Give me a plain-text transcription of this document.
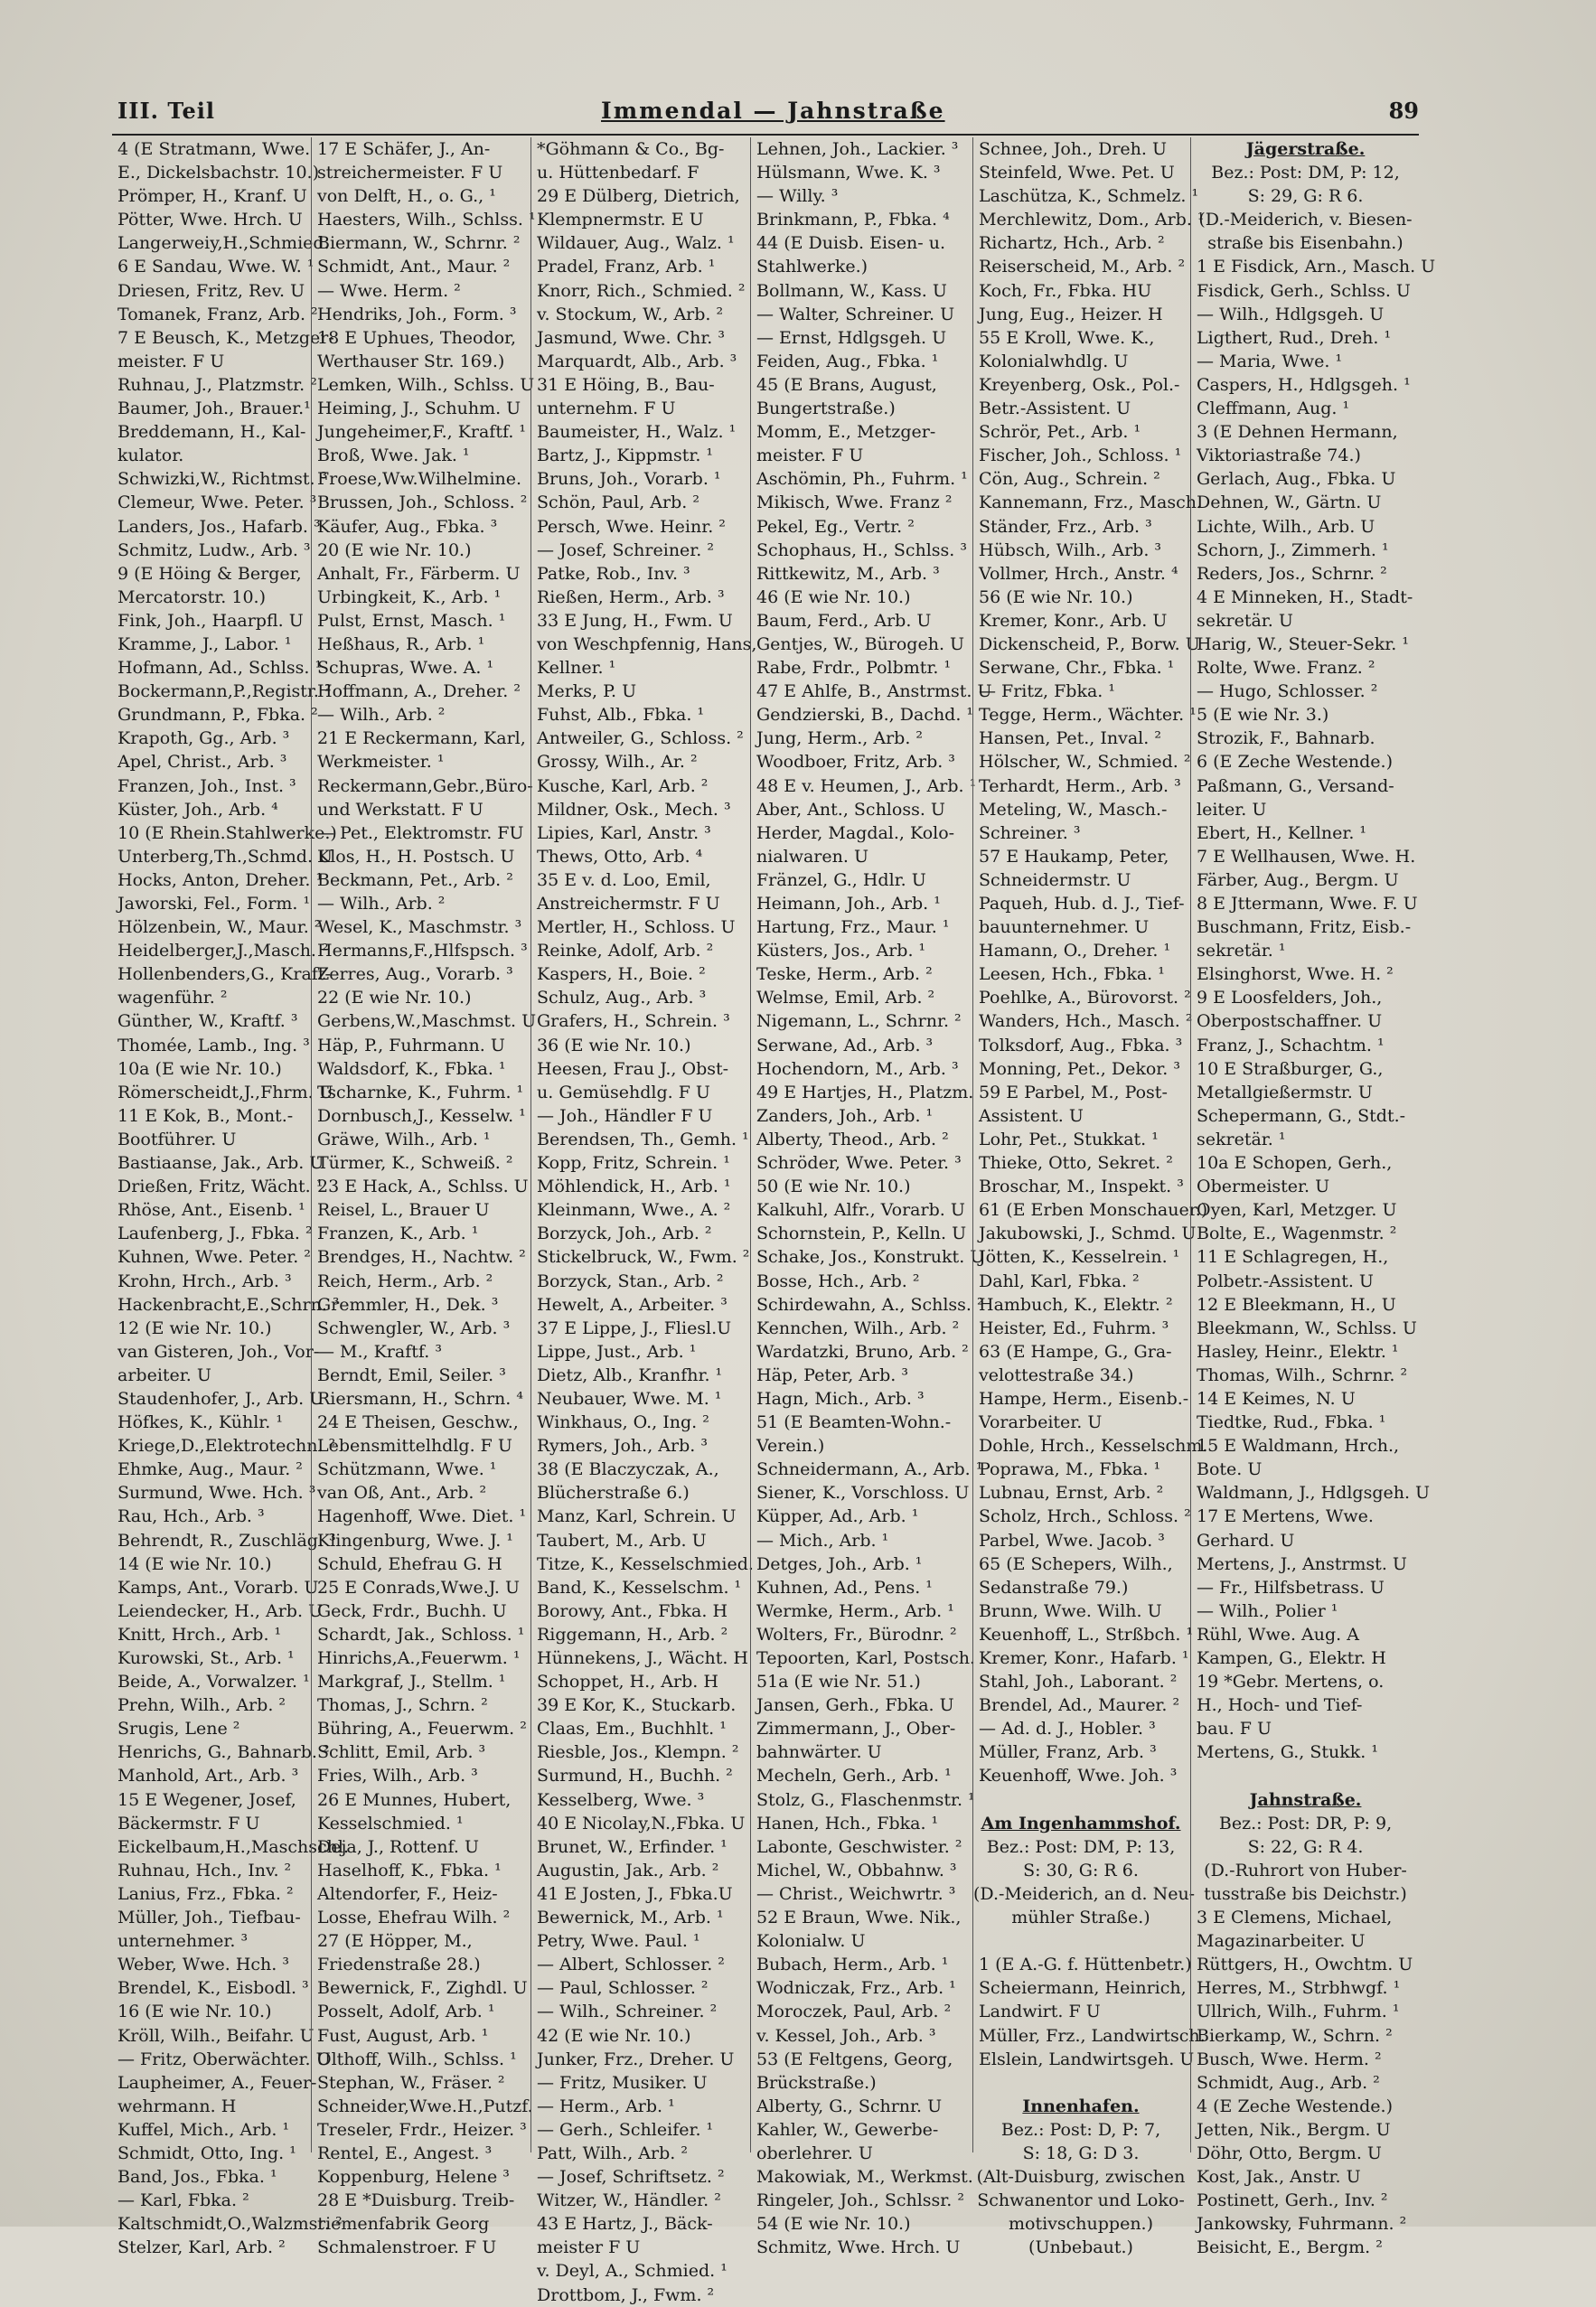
III. Teil	Immendal — Jahnstraße	89
4 (E Stratmann, Wwe.
E., Dickelsbachstr. 10.)
Prömper, H., Kranf. U
Pötter, Wwe. Hrch. U
Langerweiy,H.,Schmied.
6 E Sandau, Wwe. W. ¹
Driesen, Fritz, Rev. U
Tomanek, Franz, Arb. ²
7 E Beusch, K., Metzger-
meister. F U
Ruhnau, J., Platzmstr. ²
Baumer, Joh., Brauer.¹
Breddemann, H., Kal-
kulator.
Schwizki,W., Richtmst. ³
Clemeur, Wwe. Peter. ³
Landers, Jos., Hafarb. ³
Schmitz, Ludw., Arb. ³
9 (E Höing & Berger,
Mercatorstr. 10.)
Fink, Joh., Haarpfl. U
Kramme, J., Labor. ¹
Hofmann, Ad., Schlss. ¹
Bockermann,P.,Registr. ²
Grundmann, P., Fbka. ²
Krapoth, Gg., Arb. ³
Apel, Christ., Arb. ³
Franzen, Joh., Inst. ³
Küster, Joh., Arb. ⁴
10 (E Rhein.Stahlwerke.)
Unterberg,Th.,Schmd. U
Hocks, Anton, Dreher. ¹
Jaworski, Fel., Form. ¹
Hölzenbein, W., Maur. ²
Heidelberger,J.,Masch. ²
Hollenbenders,G., Kraft-
wagenführ. ²
Günther, W., Kraftf. ³
Thomée, Lamb., Ing. ³
10a (E wie Nr. 10.)
Römerscheidt,J.,Fhrm. U
11 E Kok, B., Mont.-
Bootführer. U
Bastiaanse, Jak., Arb. U
Drießen, Fritz, Wächt. ¹
Rhöse, Ant., Eisenb. ¹
Laufenberg, J., Fbka. ²
Kuhnen, Wwe. Peter. ²
Krohn, Hrch., Arb. ³
Hackenbracht,E.,Schrn. ³
12 (E wie Nr. 10.)
van Gisteren, Joh., Vor-
arbeiter. U
Staudenhofer, J., Arb. U
Höfkes, K., Kühlr. ¹
Kriege,D.,Elektrotechn. ²
Ehmke, Aug., Maur. ²
Surmund, Wwe. Hch. ³
Rau, Hch., Arb. ³
Behrendt, R., Zuschläg. ³
14 (E wie Nr. 10.)
Kamps, Ant., Vorarb. U
Leiendecker, H., Arb. U
Knitt, Hrch., Arb. ¹
Kurowski, St., Arb. ¹
Beide, A., Vorwalzer. ¹
Prehn, Wilh., Arb. ²
Srugis, Lene ²
Henrichs, G., Bahnarb. ²
Manhold, Art., Arb. ³
15 E Wegener, Josef,
Bäckermstr. F U
Eickelbaum,H.,Maschschl.
Ruhnau, Hch., Inv. ²
Lanius, Frz., Fbka. ²
Müller, Joh., Tiefbau-
unternehmer. ³
Weber, Wwe. Hch. ³
Brendel, K., Eisbodl. ³
16 (E wie Nr. 10.)
Kröll, Wilh., Beifahr. U
— Fritz, Oberwächter. U
Laupheimer, A., Feuer-
wehrmann. H
Kuffel, Mich., Arb. ¹
Schmidt, Otto, Ing. ¹
Band, Jos., Fbka. ¹
— Karl, Fbka. ²
Kaltschmidt,O.,Walzmst. ²
Stelzer, Karl, Arb. ²
17 E Schäfer, J., An-
streichermeister. F U
von Delft, H., o. G., ¹
Haesters, Wilh., Schlss. ¹
Biermann, W., Schrnr. ²
Schmidt, Ant., Maur. ²
— Wwe. Herm. ²
Hendriks, Joh., Form. ³
18 E Uphues, Theodor,
Werthauser Str. 169.)
Lemken, Wilh., Schlss. U
Heiming, J., Schuhm. U
Jungeheimer,F., Kraftf. ¹
Broß, Wwe. Jak. ¹
Froese,Ww.Wilhelmine.
Brussen, Joh., Schloss. ²
Käufer, Aug., Fbka. ³
20 (E wie Nr. 10.)
Anhalt, Fr., Färberm. U
Urbingkeit, K., Arb. ¹
Pulst, Ernst, Masch. ¹
Heßhaus, R., Arb. ¹
Schupras, Wwe. A. ¹
Hoffmann, A., Dreher. ²
— Wilh., Arb. ²
21 E Reckermann, Karl,
Werkmeister. ¹
Reckermann,Gebr.,Büro-
und Werkstatt. F U
— Pet., Elektromstr. FU
Klos, H., H. Postsch. U
Beckmann, Pet., Arb. ²
— Wilh., Arb. ²
Wesel, K., Maschmstr. ³
Hermanns,F.,Hlfspsch. ³
Zerres, Aug., Vorarb. ³
22 (E wie Nr. 10.)
Gerbens,W.,Maschmst. U
Häp, P., Fuhrmann. U
Waldsdorf, K., Fbka. ¹
Tscharnke, K., Fuhrm. ¹
Dornbusch,J., Kesselw. ¹
Gräwe, Wilh., Arb. ¹
Türmer, K., Schweiß. ²
23 E Hack, A., Schlss. U
Reisel, L., Brauer U
Franzen, K., Arb. ¹
Brendges, H., Nachtw. ²
Reich, Herm., Arb. ²
Gremmler, H., Dek. ³
Schwengler, W., Arb. ³
— M., Kraftf. ³
Berndt, Emil, Seiler. ³
Riersmann, H., Schrn. ⁴
24 E Theisen, Geschw.,
Lebensmittelhdlg. F U
Schützmann, Wwe. ¹
van Oß, Ant., Arb. ²
Hagenhoff, Wwe. Diet. ¹
Klingenburg, Wwe. J. ¹
Schuld, Ehefrau G. H
25 E Conrads,Wwe.J. U
Geck, Frdr., Buchh. U
Schardt, Jak., Schloss. ¹
Hinrichs,A.,Feuerwm. ¹
Markgraf, J., Stellm. ¹
Thomas, J., Schrn. ²
Bühring, A., Feuerwm. ²
Schlitt, Emil, Arb. ³
Fries, Wilh., Arb. ³
26 E Munnes, Hubert,
Kesselschmied. ¹
Deja, J., Rottenf. U
Haselhoff, K., Fbka. ¹
Altendorfer, F., Heiz-
Losse, Ehefrau Wilh. ²
27 (E Höpper, M.,
Friedenstraße 28.)
Bewernick, F., Zighdl. U
Posselt, Adolf, Arb. ¹
Fust, August, Arb. ¹
Olthoff, Wilh., Schlss. ¹
Stephan, W., Fräser. ²
Schneider,Wwe.H.,Putzf.
Treseler, Frdr., Heizer. ³
Rentel, E., Angest. ³
Koppenburg, Helene ³
28 E *Duisburg. Treib-
riemenfabrik Georg
Schmalenstroer. F U
*Göhmann & Co., Bg-
u. Hüttenbedarf. F
29 E Dülberg, Dietrich,
Klempnermstr. E U
Wildauer, Aug., Walz. ¹
Pradel, Franz, Arb. ¹
Knorr, Rich., Schmied. ²
v. Stockum, W., Arb. ²
Jasmund, Wwe. Chr. ³
Marquardt, Alb., Arb. ³
31 E Höing, B., Bau-
unternehm. F U
Baumeister, H., Walz. ¹
Bartz, J., Kippmstr. ¹
Bruns, Joh., Vorarb. ¹
Schön, Paul, Arb. ²
Persch, Wwe. Heinr. ²
— Josef, Schreiner. ²
Patke, Rob., Inv. ³
Rießen, Herm., Arb. ³
33 E Jung, H., Fwm. U
von Weschpfennig, Hans,
Kellner. ¹
Merks, P. U
Fuhst, Alb., Fbka. ¹
Antweiler, G., Schloss. ²
Grossy, Wilh., Ar. ²
Kusche, Karl, Arb. ²
Mildner, Osk., Mech. ³
Lipies, Karl, Anstr. ³
Thews, Otto, Arb. ⁴
35 E v. d. Loo, Emil,
Anstreichermstr. F U
Mertler, H., Schloss. U
Reinke, Adolf, Arb. ²
Kaspers, H., Boie. ²
Schulz, Aug., Arb. ³
Grafers, H., Schrein. ³
36 (E wie Nr. 10.)
Heesen, Frau J., Obst-
u. Gemüsehdlg. F U
— Joh., Händler F U
Berendsen, Th., Gemh. ¹
Kopp, Fritz, Schrein. ¹
Möhlendick, H., Arb. ¹
Kleinmann, Wwe., A. ²
Borzyck, Joh., Arb. ²
Stickelbruck, W., Fwm. ²
Borzyck, Stan., Arb. ²
Hewelt, A., Arbeiter. ³
37 E Lippe, J., Fliesl.U
Lippe, Just., Arb. ¹
Dietz, Alb., Kranfhr. ¹
Neubauer, Wwe. M. ¹
Winkhaus, O., Ing. ²
Rymers, Joh., Arb. ³
38 (E Blaczyczak, A.,
Blücherstraße 6.)
Manz, Karl, Schrein. U
Taubert, M., Arb. U
Titze, K., Kesselschmied.
Band, K., Kesselschm. ¹
Borowy, Ant., Fbka. H
Riggemann, H., Arb. ²
Hünnekens, J., Wächt. H
Schoppet, H., Arb. H
39 E Kor, K., Stuckarb.
Claas, Em., Buchhlt. ¹
Riesble, Jos., Klempn. ²
Surmund, H., Buchh. ²
Kesselberg, Wwe. ³
40 E Nicolay,N.,Fbka. U
Brunet, W., Erfinder. ¹
Augustin, Jak., Arb. ²
41 E Josten, J., Fbka.U
Bewernick, M., Arb. ¹
Petry, Wwe. Paul. ¹
— Albert, Schlosser. ²
— Paul, Schlosser. ²
— Wilh., Schreiner. ²
42 (E wie Nr. 10.)
Junker, Frz., Dreher. U
— Fritz, Musiker. U
— Herm., Arb. ¹
— Gerh., Schleifer. ¹
Patt, Wilh., Arb. ²
— Josef, Schriftsetz. ²
Witzer, W., Händler. ²
43 E Hartz, J., Bäck-
meister F U
v. Deyl, A., Schmied. ¹
Drottbom, J., Fwm. ²
Lehnen, Joh., Lackier. ³
Hülsmann, Wwe. K. ³
— Willy. ³
Brinkmann, P., Fbka. ⁴
44 (E Duisb. Eisen- u.
Stahlwerke.)
Bollmann, W., Kass. U
— Walter, Schreiner. U
— Ernst, Hdlgsgeh. U
Feiden, Aug., Fbka. ¹
45 (E Brans, August,
Bungertstraße.)
Momm, E., Metzger-
meister. F U
Aschömin, Ph., Fuhrm. ¹
Mikisch, Wwe. Franz ²
Pekel, Eg., Vertr. ²
Schophaus, H., Schlss. ³
Rittkewitz, M., Arb. ³
46 (E wie Nr. 10.)
Baum, Ferd., Arb. U
Gentjes, W., Bürogeh. U
Rabe, Frdr., Polbmtr. ¹
47 E Ahlfe, B., Anstrmst. U
Gendzierski, B., Dachd. ¹
Jung, Herm., Arb. ²
Woodboer, Fritz, Arb. ³
48 E v. Heumen, J., Arb. ¹
Aber, Ant., Schloss. U
Herder, Magdal., Kolo-
nialwaren. U
Fränzel, G., Hdlr. U
Heimann, Joh., Arb. ¹
Hartung, Frz., Maur. ¹
Küsters, Jos., Arb. ¹
Teske, Herm., Arb. ²
Welmse, Emil, Arb. ²
Nigemann, L., Schrnr. ²
Serwane, Ad., Arb. ³
Hochendorn, M., Arb. ³
49 E Hartjes, H., Platzm.
Zanders, Joh., Arb. ¹
Alberty, Theod., Arb. ²
Schröder, Wwe. Peter. ³
50 (E wie Nr. 10.)
Kalkuhl, Alfr., Vorarb. U
Schornstein, P., Kelln. U
Schake, Jos., Konstrukt. U
Bosse, Hch., Arb. ²
Schirdewahn, A., Schlss. ²
Kennchen, Wilh., Arb. ²
Wardatzki, Bruno, Arb. ²
Häp, Peter, Arb. ³
Hagn, Mich., Arb. ³
51 (E Beamten-Wohn.-
Verein.)
Schneidermann, A., Arb. ¹
Siener, K., Vorschloss. U
Küpper, Ad., Arb. ¹
— Mich., Arb. ¹
Detges, Joh., Arb. ¹
Kuhnen, Ad., Pens. ¹
Wermke, Herm., Arb. ¹
Wolters, Fr., Bürodnr. ²
Tepoorten, Karl, Postsch.
51a (E wie Nr. 51.)
Jansen, Gerh., Fbka. U
Zimmermann, J., Ober-
bahnwärter. U
Mecheln, Gerh., Arb. ¹
Stolz, G., Flaschenmstr. ¹
Hanen, Hch., Fbka. ¹
Labonte, Geschwister. ²
Michel, W., Obbahnw. ³
— Christ., Weichwrtr. ³
52 E Braun, Wwe. Nik.,
Kolonialw. U
Bubach, Herm., Arb. ¹
Wodniczak, Frz., Arb. ¹
Moroczek, Paul, Arb. ²
v. Kessel, Joh., Arb. ³
53 (E Feltgens, Georg,
Brückstraße.)
Alberty, G., Schrnr. U
Kahler, W., Gewerbe-
oberlehrer. U
Makowiak, M., Werkmst.
Ringeler, Joh., Schlssr. ²
54 (E wie Nr. 10.)
Schmitz, Wwe. Hrch. U
Schnee, Joh., Dreh. U
Steinfeld, Wwe. Pet. U
Laschütza, K., Schmelz. ¹
Merchlewitz, Dom., Arb. ¹
Richartz, Hch., Arb. ²
Reiserscheid, M., Arb. ²
Koch, Fr., Fbka. HU
Jung, Eug., Heizer. H
55 E Kroll, Wwe. K.,
Kolonialwhdlg. U
Kreyenberg, Osk., Pol.-
Betr.-Assistent. U
Schrör, Pet., Arb. ¹
Fischer, Joh., Schloss. ¹
Cön, Aug., Schrein. ²
Kannemann, Frz., Masch.
Ständer, Frz., Arb. ³
Hübsch, Wilh., Arb. ³
Vollmer, Hrch., Anstr. ⁴
56 (E wie Nr. 10.)
Kremer, Konr., Arb. U
Dickenscheid, P., Borw. U
Serwane, Chr., Fbka. ¹
— Fritz, Fbka. ¹
Tegge, Herm., Wächter. ¹
Hansen, Pet., Inval. ²
Hölscher, W., Schmied. ²
Terhardt, Herm., Arb. ³
Meteling, W., Masch.-
Schreiner. ³
57 E Haukamp, Peter,
Schneidermstr. U
Paqueh, Hub. d. J., Tief-
bauunternehmer. U
Hamann, O., Dreher. ¹
Leesen, Hch., Fbka. ¹
Poehlke, A., Bürovorst. ²
Wanders, Hch., Masch. ²
Tolksdorf, Aug., Fbka. ³
Monning, Pet., Dekor. ³
59 E Parbel, M., Post-
Assistent. U
Lohr, Pet., Stukkat. ¹
Thieke, Otto, Sekret. ²
Broschar, M., Inspekt. ³
61 (E Erben Monschauer.)
Jakubowski, J., Schmd. U
Jötten, K., Kesselrein. ¹
Dahl, Karl, Fbka. ²
Hambuch, K., Elektr. ²
Heister, Ed., Fuhrm. ³
63 (E Hampe, G., Gra-
velottestraße 34.)
Hampe, Herm., Eisenb.-
Vorarbeiter. U
Dohle, Hrch., Kesselschm.
Poprawa, M., Fbka. ¹
Lubnau, Ernst, Arb. ²
Scholz, Hrch., Schloss. ²
Parbel, Wwe. Jacob. ³
65 (E Schepers, Wilh.,
Sedanstraße 79.)
Brunn, Wwe. Wilh. U
Keuenhoff, L., Strßbch. ¹
Kremer, Konr., Hafarb. ¹
Stahl, Joh., Laborant. ²
Brendel, Ad., Maurer. ²
— Ad. d. J., Hobler. ³
Müller, Franz, Arb. ³
Keuenhoff, Wwe. Joh. ³

Am Ingenhammshof.
Bez.: Post: DM, P: 13,
S: 30, G: R 6.
(D.-Meiderich, an d. Neu-
mühler Straße.)

1 (E A.-G. f. Hüttenbetr.)
Scheiermann, Heinrich,
Landwirt. F U
Müller, Frz., Landwirtsch.
Elslein, Landwirtsgeh. U

Innenhafen.
Bez.: Post: D, P: 7,
S: 18, G: D 3.
(Alt-Duisburg, zwischen
Schwanentor und Loko-
motivschuppen.)
(Unbebaut.)
Jägerstraße.
Bez.: Post: DM, P: 12,
S: 29, G: R 6.
(D.-Meiderich, v. Biesen-
straße bis Eisenbahn.)
1 E Fisdick, Arn., Masch. U
Fisdick, Gerh., Schlss. U
— Wilh., Hdlgsgeh. U
Ligthert, Rud., Dreh. ¹
— Maria, Wwe. ¹
Caspers, H., Hdlgsgeh. ¹
Cleffmann, Aug. ¹
3 (E Dehnen Hermann,
Viktoriastraße 74.)
Gerlach, Aug., Fbka. U
Dehnen, W., Gärtn. U
Lichte, Wilh., Arb. U
Schorn, J., Zimmerh. ¹
Reders, Jos., Schrnr. ²
4 E Minneken, H., Stadt-
sekretär. U
Harig, W., Steuer-Sekr. ¹
Rolte, Wwe. Franz. ²
— Hugo, Schlosser. ²
5 (E wie Nr. 3.)
Strozik, F., Bahnarb.
6 (E Zeche Westende.)
Paßmann, G., Versand-
leiter. U
Ebert, H., Kellner. ¹
7 E Wellhausen, Wwe. H.
Färber, Aug., Bergm. U
8 E Jttermann, Wwe. F. U
Buschmann, Fritz, Eisb.-
sekretär. ¹
Elsinghorst, Wwe. H. ²
9 E Loosfelders, Joh.,
Oberpostschaffner. U
Franz, J., Schachtm. ¹
10 E Straßburger, G.,
Metallgießermstr. U
Schepermann, G., Stdt.-
sekretär. ¹
10a E Schopen, Gerh.,
Obermeister. U
Oyen, Karl, Metzger. U
Bolte, E., Wagenmstr. ²
11 E Schlagregen, H.,
Polbetr.-Assistent. U
12 E Bleekmann, H., U
Bleekmann, W., Schlss. U
Hasley, Heinr., Elektr. ¹
Thomas, Wilh., Schrnr. ²
14 E Keimes, N. U
Tiedtke, Rud., Fbka. ¹
15 E Waldmann, Hrch.,
Bote. U
Waldmann, J., Hdlgsgeh. U
17 E Mertens, Wwe.
Gerhard. U
Mertens, J., Anstrmst. U
— Fr., Hilfsbetrass. U
— Wilh., Polier ¹
Rühl, Wwe. Aug. A
Kampen, G., Elektr. H
19 *Gebr. Mertens, o.
H., Hoch- und Tief-
bau. F U
Mertens, G., Stukk. ¹

Jahnstraße.
Bez.: Post: DR, P: 9,
S: 22, G: R 4.
(D.-Ruhrort von Huber-
tusstraße bis Deichstr.)
3 E Clemens, Michael,
Magazinarbeiter. U
Rüttgers, H., Owchtm. U
Herres, M., Strbhwgf. ¹
Ullrich, Wilh., Fuhrm. ¹
Bierkamp, W., Schrn. ²
Busch, Wwe. Herm. ²
Schmidt, Aug., Arb. ²
4 (E Zeche Westende.)
Jetten, Nik., Bergm. U
Döhr, Otto, Bergm. U
Kost, Jak., Anstr. U
Postinett, Gerh., Inv. ²
Jankowsky, Fuhrmann. ²
Beisicht, E., Bergm. ²
